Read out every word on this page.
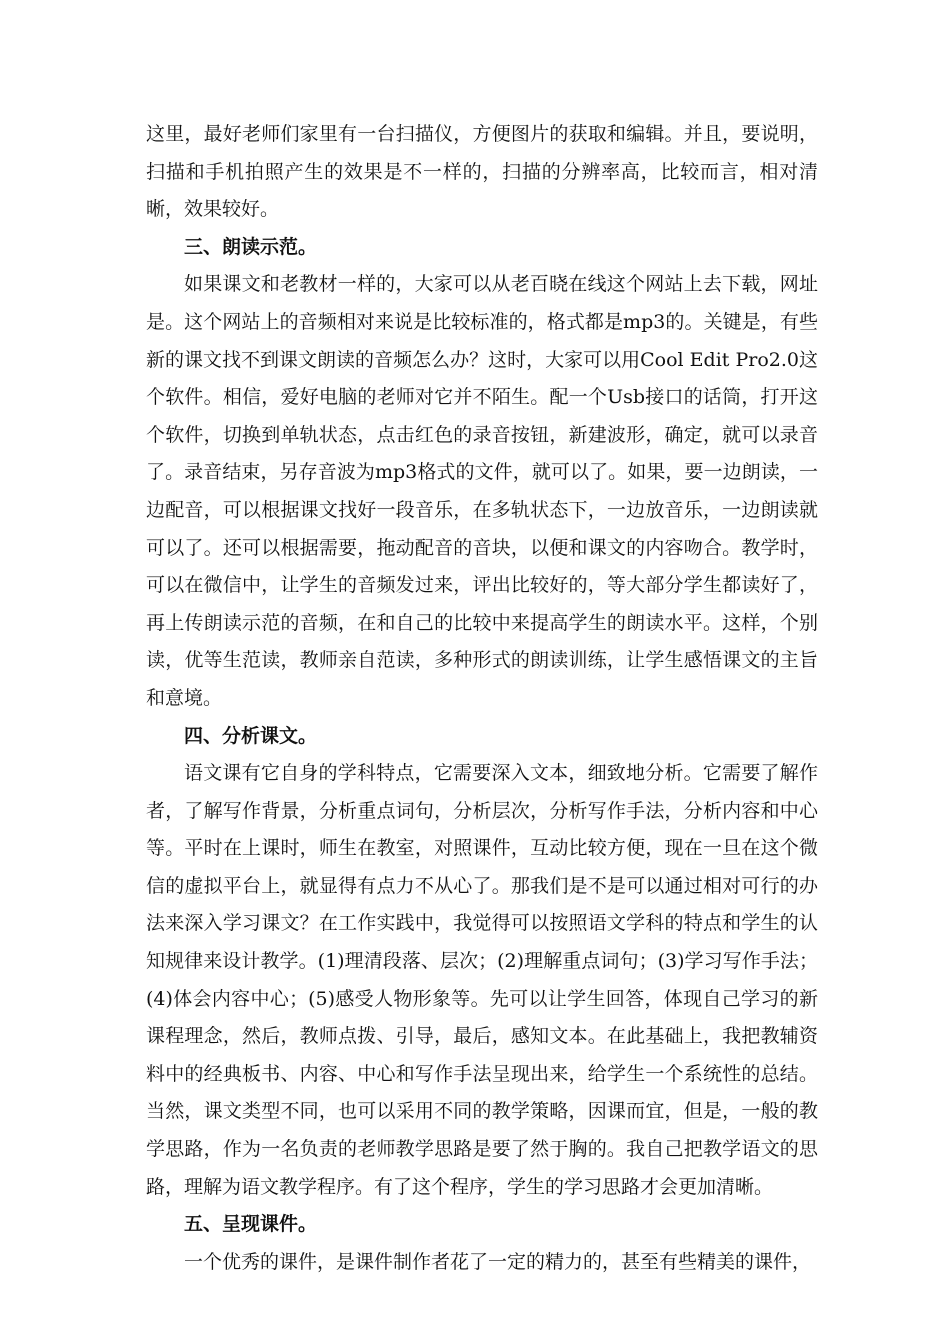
这里，最好老师们家里有一台扫描仪，方便图片的获取和编辑。并且，要说明，扫描和手机拍照产生的效果是不一样的，扫描的分辨率高，比较而言，相对清晰，效果较好。

三、朗读示范。

如果课文和老教材一样的，大家可以从老百晓在线这个网站上去下载，网址是。这个网站上的音频相对来说是比较标准的，格式都是mp3的。关键是，有些新的课文找不到课文朗读的音频怎么办？这时，大家可以用Cool Edit Pro2.0这个软件。相信，爱好电脑的老师对它并不陌生。配一个Usb接口的话筒，打开这个软件，切换到单轨状态，点击红色的录音按钮，新建波形，确定，就可以录音了。录音结束，另存音波为mp3格式的文件，就可以了。如果，要一边朗读，一边配音，可以根据课文找好一段音乐，在多轨状态下，一边放音乐，一边朗读就可以了。还可以根据需要，拖动配音的音块，以便和课文的内容吻合。教学时，可以在微信中，让学生的音频发过来，评出比较好的，等大部分学生都读好了，再上传朗读示范的音频，在和自己的比较中来提高学生的朗读水平。这样，个别读，优等生范读，教师亲自范读，多种形式的朗读训练，让学生感悟课文的主旨和意境。

四、分析课文。

语文课有它自身的学科特点，它需要深入文本，细致地分析。它需要了解作者，了解写作背景，分析重点词句，分析层次，分析写作手法，分析内容和中心等。平时在上课时，师生在教室，对照课件，互动比较方便，现在一旦在这个微信的虚拟平台上，就显得有点力不从心了。那我们是不是可以通过相对可行的办法来深入学习课文？在工作实践中，我觉得可以按照语文学科的特点和学生的认知规律来设计教学。(1)理清段落、层次；(2)理解重点词句；(3)学习写作手法；(4)体会内容中心；(5)感受人物形象等。先可以让学生回答，体现自己学习的新课程理念，然后，教师点拨、引导，最后，感知文本。在此基础上，我把教辅资料中的经典板书、内容、中心和写作手法呈现出来，给学生一个系统性的总结。当然，课文类型不同，也可以采用不同的教学策略，因课而宜，但是，一般的教学思路，作为一名负责的老师教学思路是要了然于胸的。我自己把教学语文的思路，理解为语文教学程序。有了这个程序，学生的学习思路才会更加清晰。

五、呈现课件。

一个优秀的课件，是课件制作者花了一定的精力的，甚至有些精美的课件，
